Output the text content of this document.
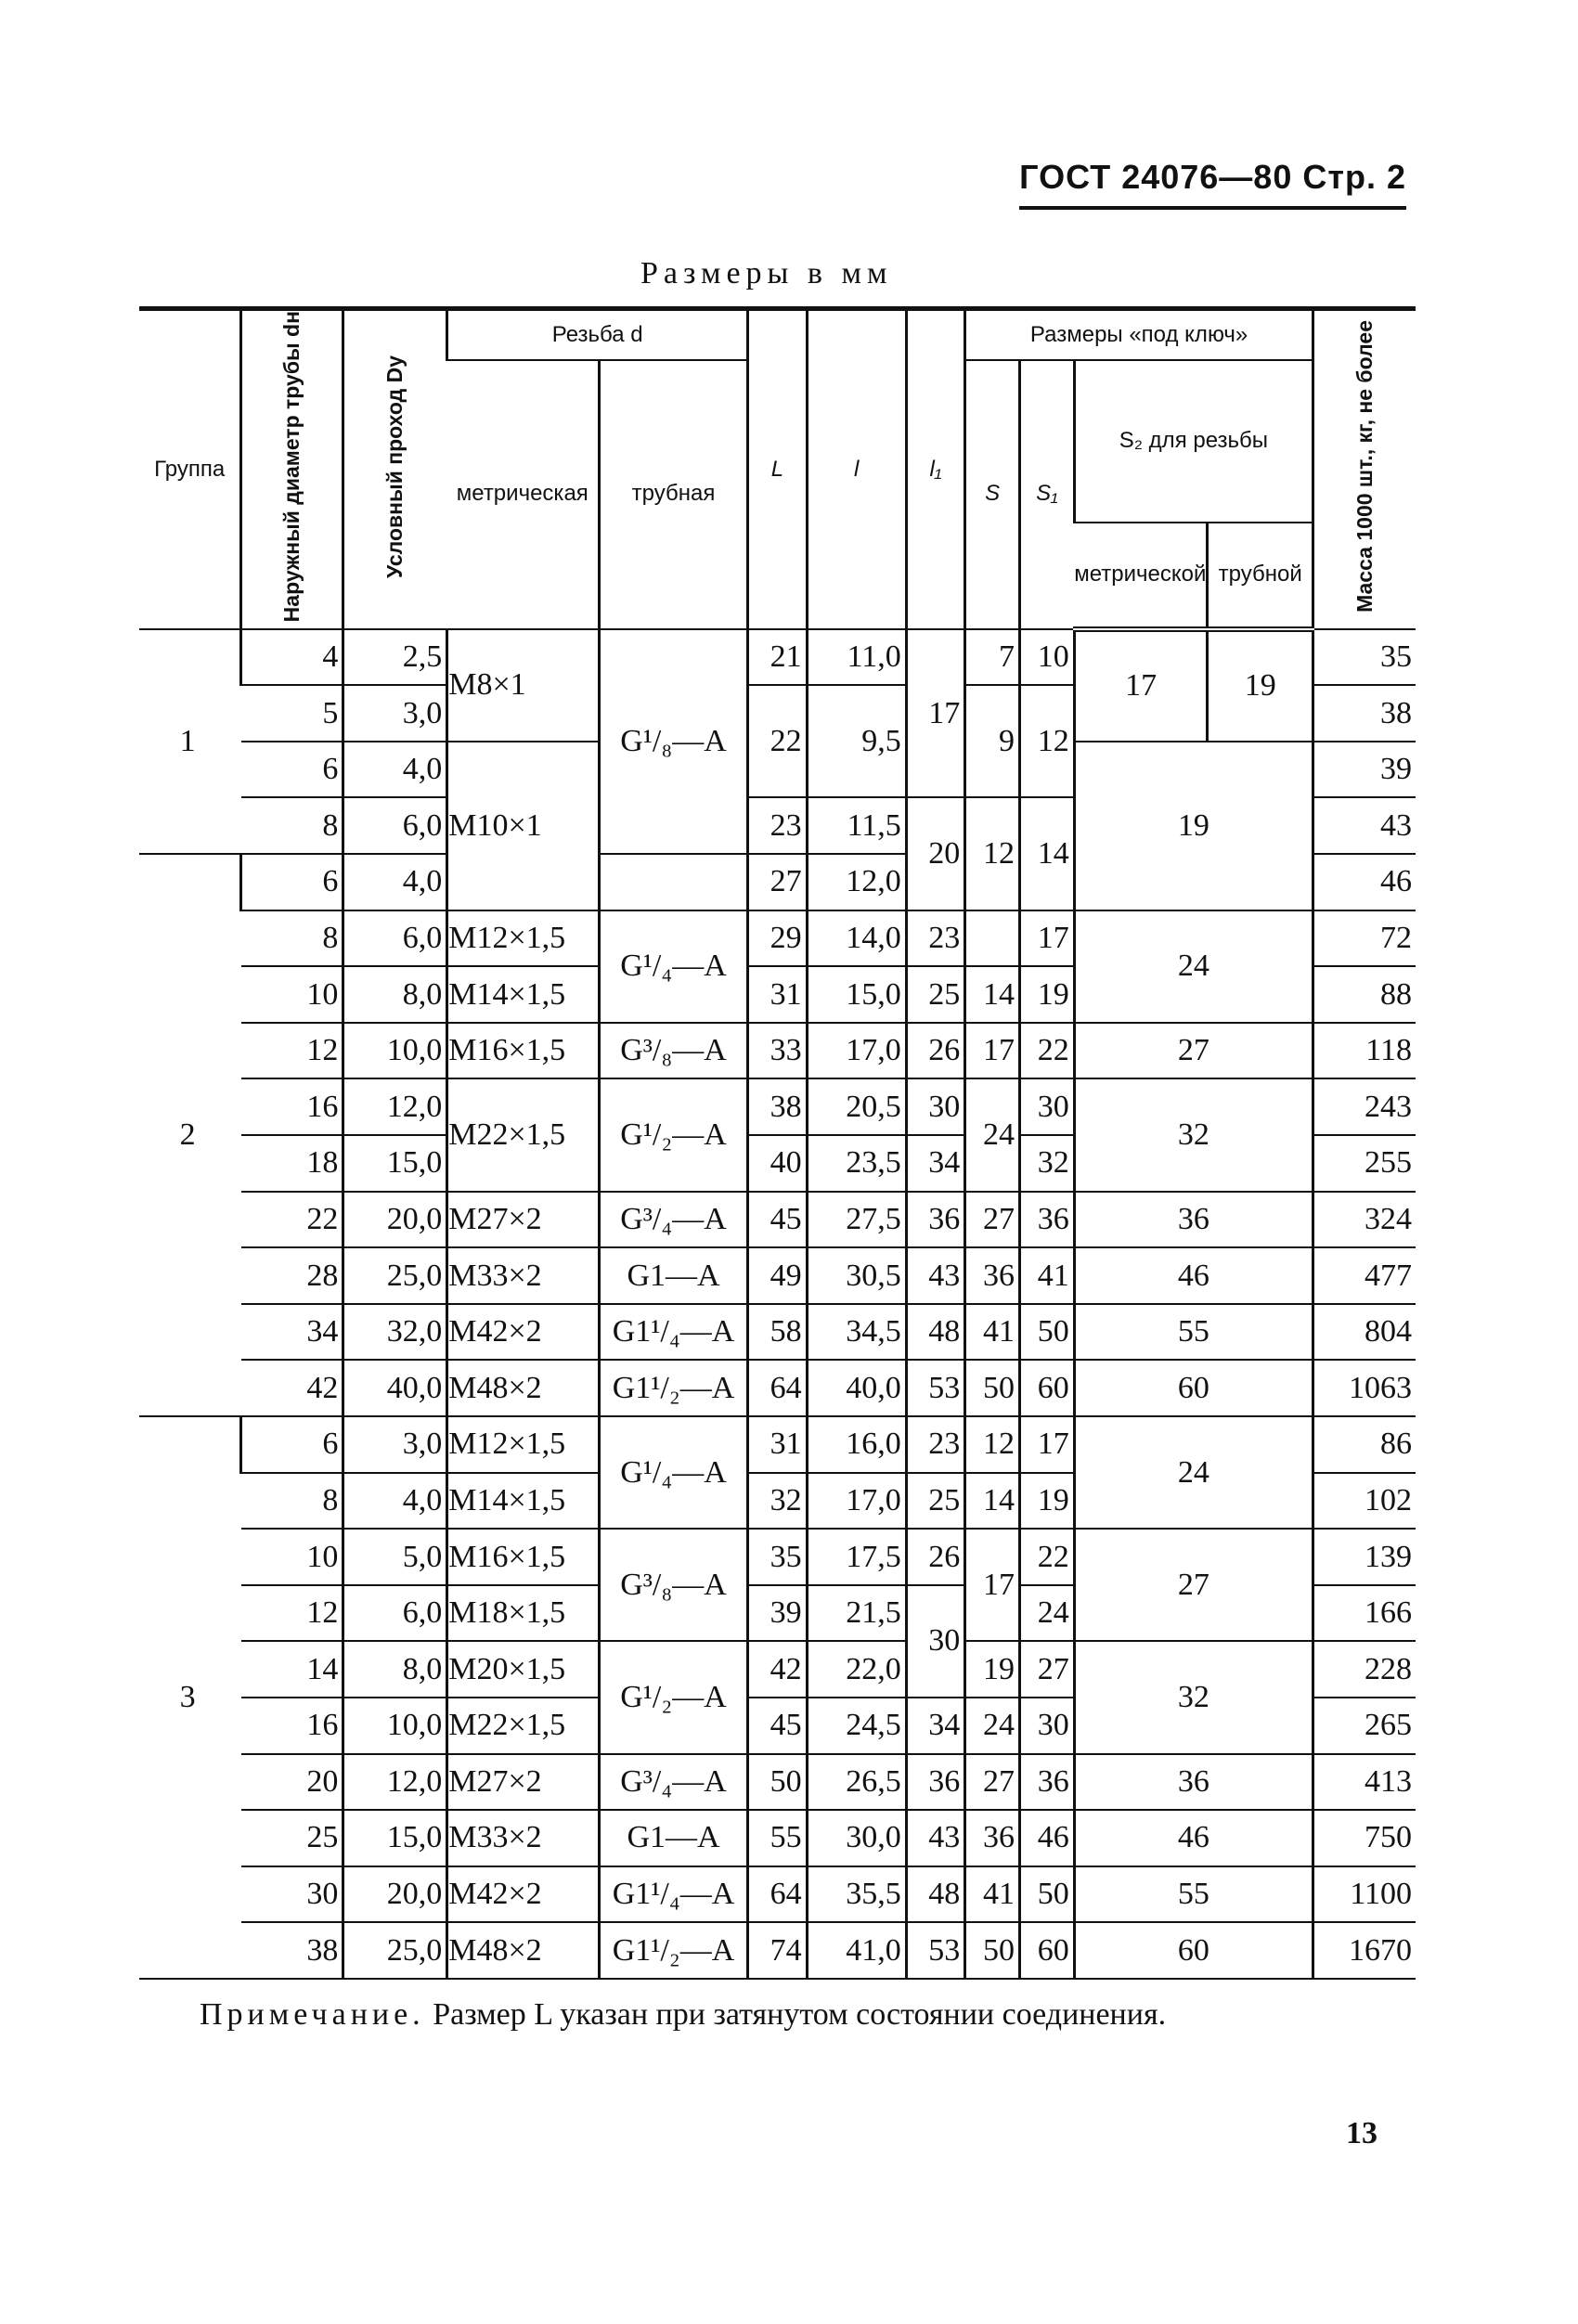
ГОСТ 24076—80 Стр. 2
Размеры в мм
Группа	Наружный диаметр трубы dн	Условный проход Dу	Резьба d		L	l	l₁	Размеры «под ключ»				Масса 1000 шт., кг, не более
			метрическая	трубная				S	S₁	S₂ для резьбы		
										метрической	трубной	
1	4	2,5	M8×1	G¹/₈—A	21	11,0	17	7	10	17	19	35
	5	3,0			22	9,5		9	12			38
	6	4,0	M10×1							19		39
	8	6,0			23	11,5	20	12	14			43
2	6	4,0			27	12,0						46
	8	6,0	M12×1,5	G¹/₄—A	29	14,0	23		17	24		72
	10	8,0	M14×1,5		31	15,0	25	14	19			88
	12	10,0	M16×1,5	G³/₈—A	33	17,0	26	17	22	27		118
	16	12,0	M22×1,5	G¹/₂—A	38	20,5	30	24	30	32		243
	18	15,0			40	23,5	34		32			255
	22	20,0	M27×2	G³/₄—A	45	27,5	36	27	36	36		324
	28	25,0	M33×2	G1—A	49	30,5	43	36	41	46		477
	34	32,0	M42×2	G1¹/₄—A	58	34,5	48	41	50	55		804
	42	40,0	M48×2	G1¹/₂—A	64	40,0	53	50	60	60		1063
3	6	3,0	M12×1,5	G¹/₄—A	31	16,0	23	12	17	24		86
	8	4,0	M14×1,5		32	17,0	25	14	19			102
	10	5,0	M16×1,5	G³/₈—A	35	17,5	26	17	22	27		139
	12	6,0	M18×1,5		39	21,5	30		24			166
	14	8,0	M20×1,5	G¹/₂—A	42	22,0		19	27	32		228
	16	10,0	M22×1,5		45	24,5	34	24	30			265
	20	12,0	M27×2	G³/₄—A	50	26,5	36	27	36	36		413
	25	15,0	M33×2	G1—A	55	30,0	43	36	46	46		750
	30	20,0	M42×2	G1¹/₄—A	64	35,5	48	41	50	55		1100
	38	25,0	M48×2	G1¹/₂—A	74	41,0	53	50	60	60		1670
Примечание. Размер L указан при затянутом состоянии соединения.
13
